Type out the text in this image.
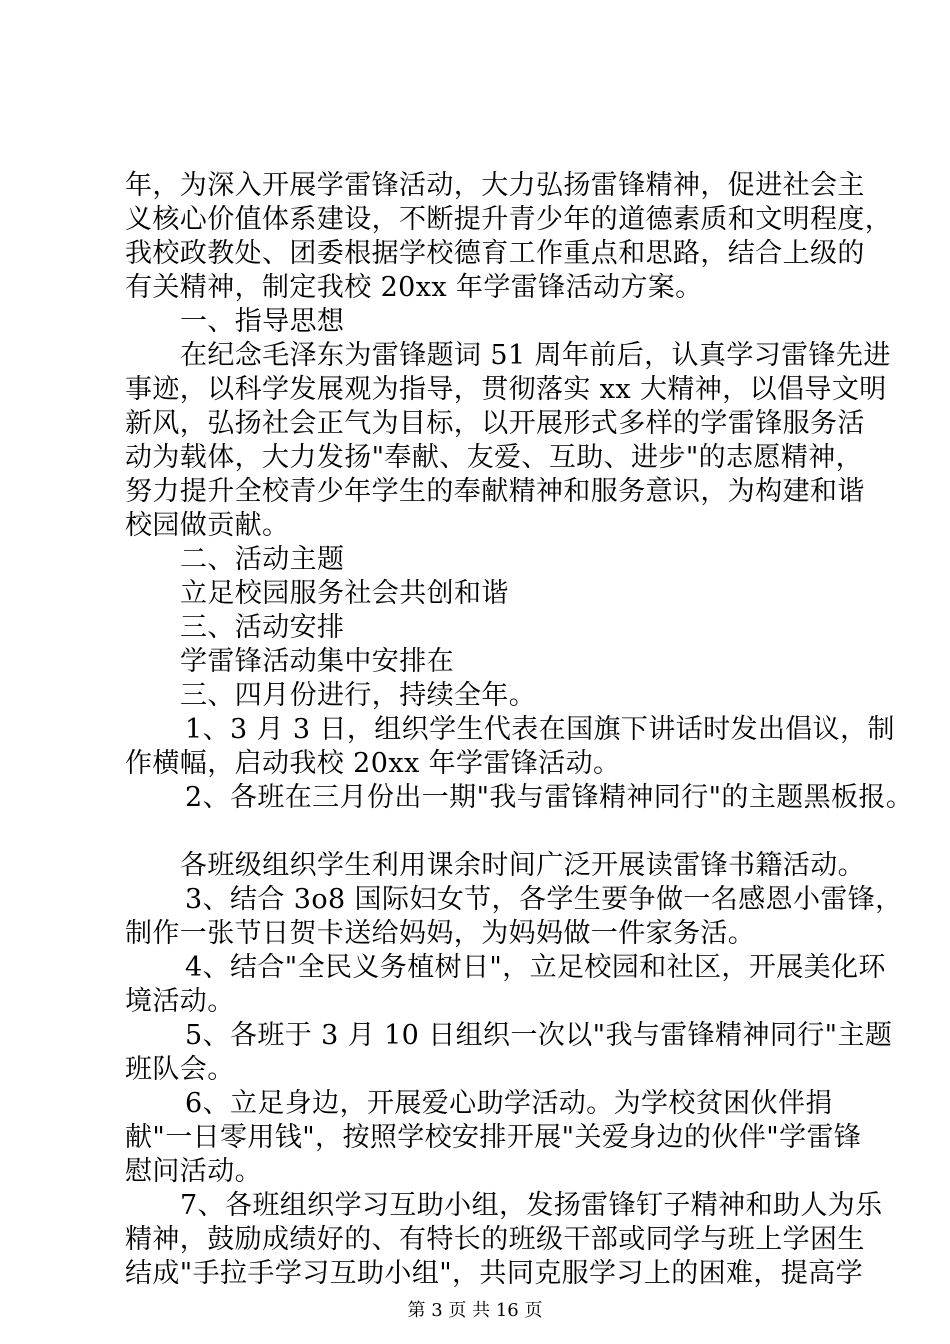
年，为深入开展学雷锋活动，大力弘扬雷锋精神，促进社会主
义核心价值体系建设，不断提升青少年的道德素质和文明程度，
我校政教处、团委根据学校德育工作重点和思路，结合上级的
有关精神，制定我校 20xx 年学雷锋活动方案。
一、指导思想
在纪念毛泽东为雷锋题词 51 周年前后，认真学习雷锋先进
事迹，以科学发展观为指导，贯彻落实 xx 大精神，以倡导文明
新风，弘扬社会正气为目标，以开展形式多样的学雷锋服务活
动为载体，大力发扬"奉献、友爱、互助、进步"的志愿精神，
努力提升全校青少年学生的奉献精神和服务意识，为构建和谐
校园做贡献。
二、活动主题
立足校园服务社会共创和谐
三、活动安排
学雷锋活动集中安排在
三、四月份进行，持续全年。
1、3 月 3 日，组织学生代表在国旗下讲话时发出倡议，制
作横幅，启动我校 20xx 年学雷锋活动。
2、各班在三月份出一期"我与雷锋精神同行"的主题黑板报。
各班级组织学生利用课余时间广泛开展读雷锋书籍活动。
3、结合 3o8 国际妇女节，各学生要争做一名感恩小雷锋，
制作一张节日贺卡送给妈妈，为妈妈做一件家务活。
4、结合"全民义务植树日"，立足校园和社区，开展美化环
境活动。
5、各班于 3 月 10 日组织一次以"我与雷锋精神同行"主题
班队会。
6、立足身边，开展爱心助学活动。为学校贫困伙伴捐
献"一日零用钱"，按照学校安排开展"关爱身边的伙伴"学雷锋
慰问活动。
7、各班组织学习互助小组，发扬雷锋钉子精神和助人为乐
精神，鼓励成绩好的、有特长的班级干部或同学与班上学困生
结成"手拉手学习互助小组"，共同克服学习上的困难，提高学
第 3 页 共 16 页
